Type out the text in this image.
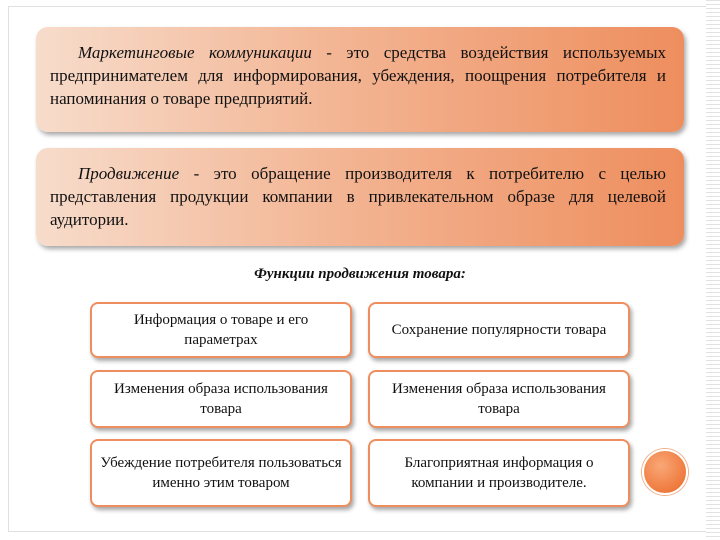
Маркетинговые коммуникации - это средства воздействия используемых предпринимателем для информирования, убеждения, поощрения потребителя и напоминания о товаре предприятий.
Продвижение - это обращение производителя к потребителю с целью представления продукции компании в привлекательном образе для целевой аудитории.
Функции продвижения товара:
Информация о товаре и его параметрах
Сохранение популярности товара
Изменения образа использования товара
Изменения образа использования товара
Убеждение потребителя пользоваться именно этим товаром
Благоприятная информация о компании и производителе.
